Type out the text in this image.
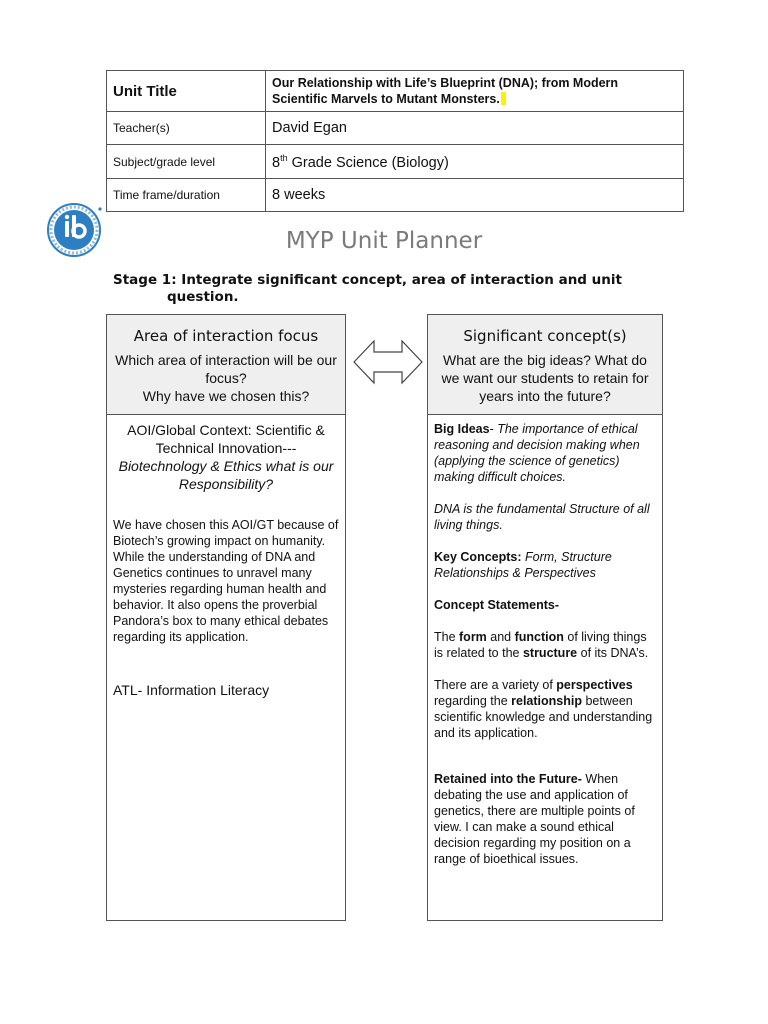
Unit Title	Our Relationship with Life’s Blueprint (DNA); from Modern Scientific Marvels to Mutant Monsters.
Teacher(s)	David Egan
Subject/grade level	8th Grade Science (Biology)
Time frame/duration	8 weeks
MYP Unit Planner
Stage 1: Integrate significant concept, area of interaction and unit
question.
Area of interaction focus

Which area of interaction will be our focus?
Why have we chosen this?

AOI/Global Context: Scientific & Technical Innovation---
Biotechnology & Ethics what is our Responsibility?
We have chosen this AOI/GT because of Biotech’s growing impact on humanity. While the understanding of DNA and Genetics continues to unravel many mysteries regarding human health and behavior. It also opens the proverbial Pandora’s box to many ethical debates regarding its application.
ATL- Information Literacy
Significant concept(s)

What are the big ideas? What do we want our students to retain for years into the future?

Big Ideas- The importance of ethical reasoning and decision making when (applying the science of genetics) making difficult choices.

DNA is the fundamental Structure of all living things.

Key Concepts: Form, Structure Relationships & Perspectives

Concept Statements-

The form and function of living things is related to the structure of its DNA’s.

There are a variety of perspectives regarding the relationship between scientific knowledge and understanding and its application.

Retained into the Future- When debating the use and application of genetics, there are multiple points of view. I can make a sound ethical decision regarding my position on a range of bioethical issues.
